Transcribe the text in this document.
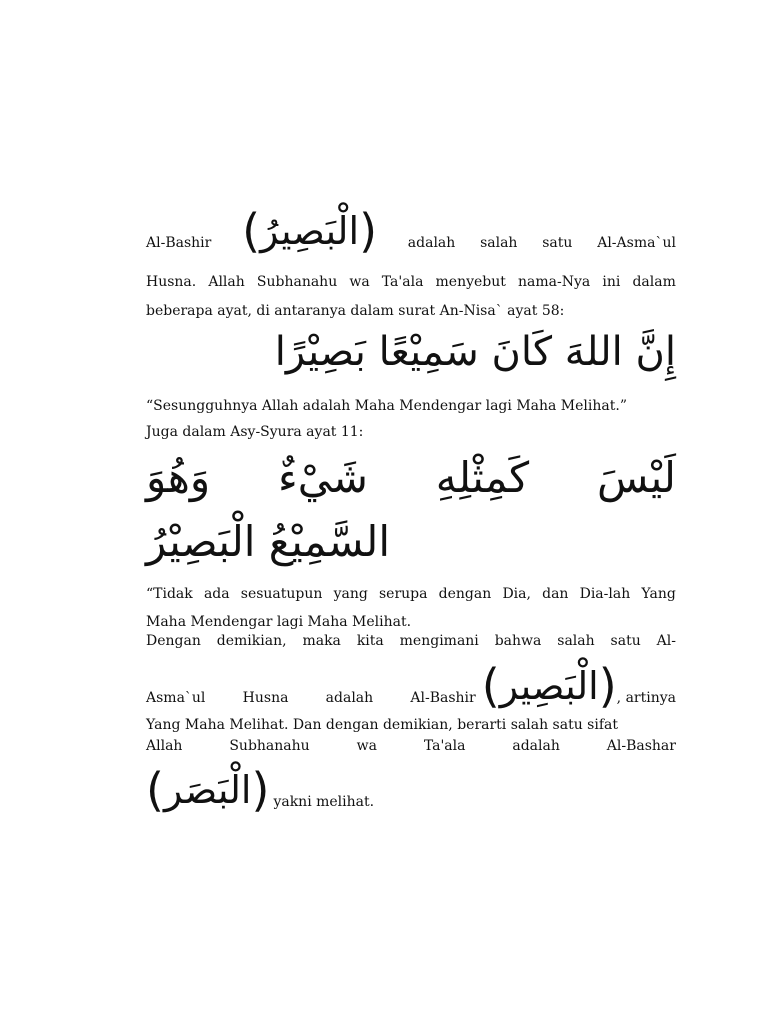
Al-Bashir ( الْبَصِيرُ ) adalah salah satu Al-Asma`ul
Husna. Allah Subhanahu wa Ta'ala menyebut nama-Nya ini dalam
beberapa ayat, di antaranya dalam surat An-Nisa` ayat 58:
إِنَّ اللهَ كَانَ سَمِيْعًا بَصِيْرًا
“Sesungguhnya Allah adalah Maha Mendengar lagi Maha Melihat.”
Juga dalam Asy-Syura ayat 11:
لَيْسَ
كَمِثْلِهِ
شَيْءٌ
وَهُوَ
السَّمِيْعُ الْبَصِيْرُ
“Tidak ada sesuatupun yang serupa dengan Dia, dan Dia-lah Yang
Maha Mendengar lagi Maha Melihat.
Dengan demikian, maka kita mengimani bahwa salah satu Al-
Asma`ul	Husna	adalah	Al-Bashir ( الْبَصِير ) , artinya
Yang Maha Melihat. Dan dengan demikian, berarti salah satu sifat
Allah	Subhanahu	wa	Ta'ala	adalah	Al-Bashar
( الْبَصَر ) yakni melihat.
